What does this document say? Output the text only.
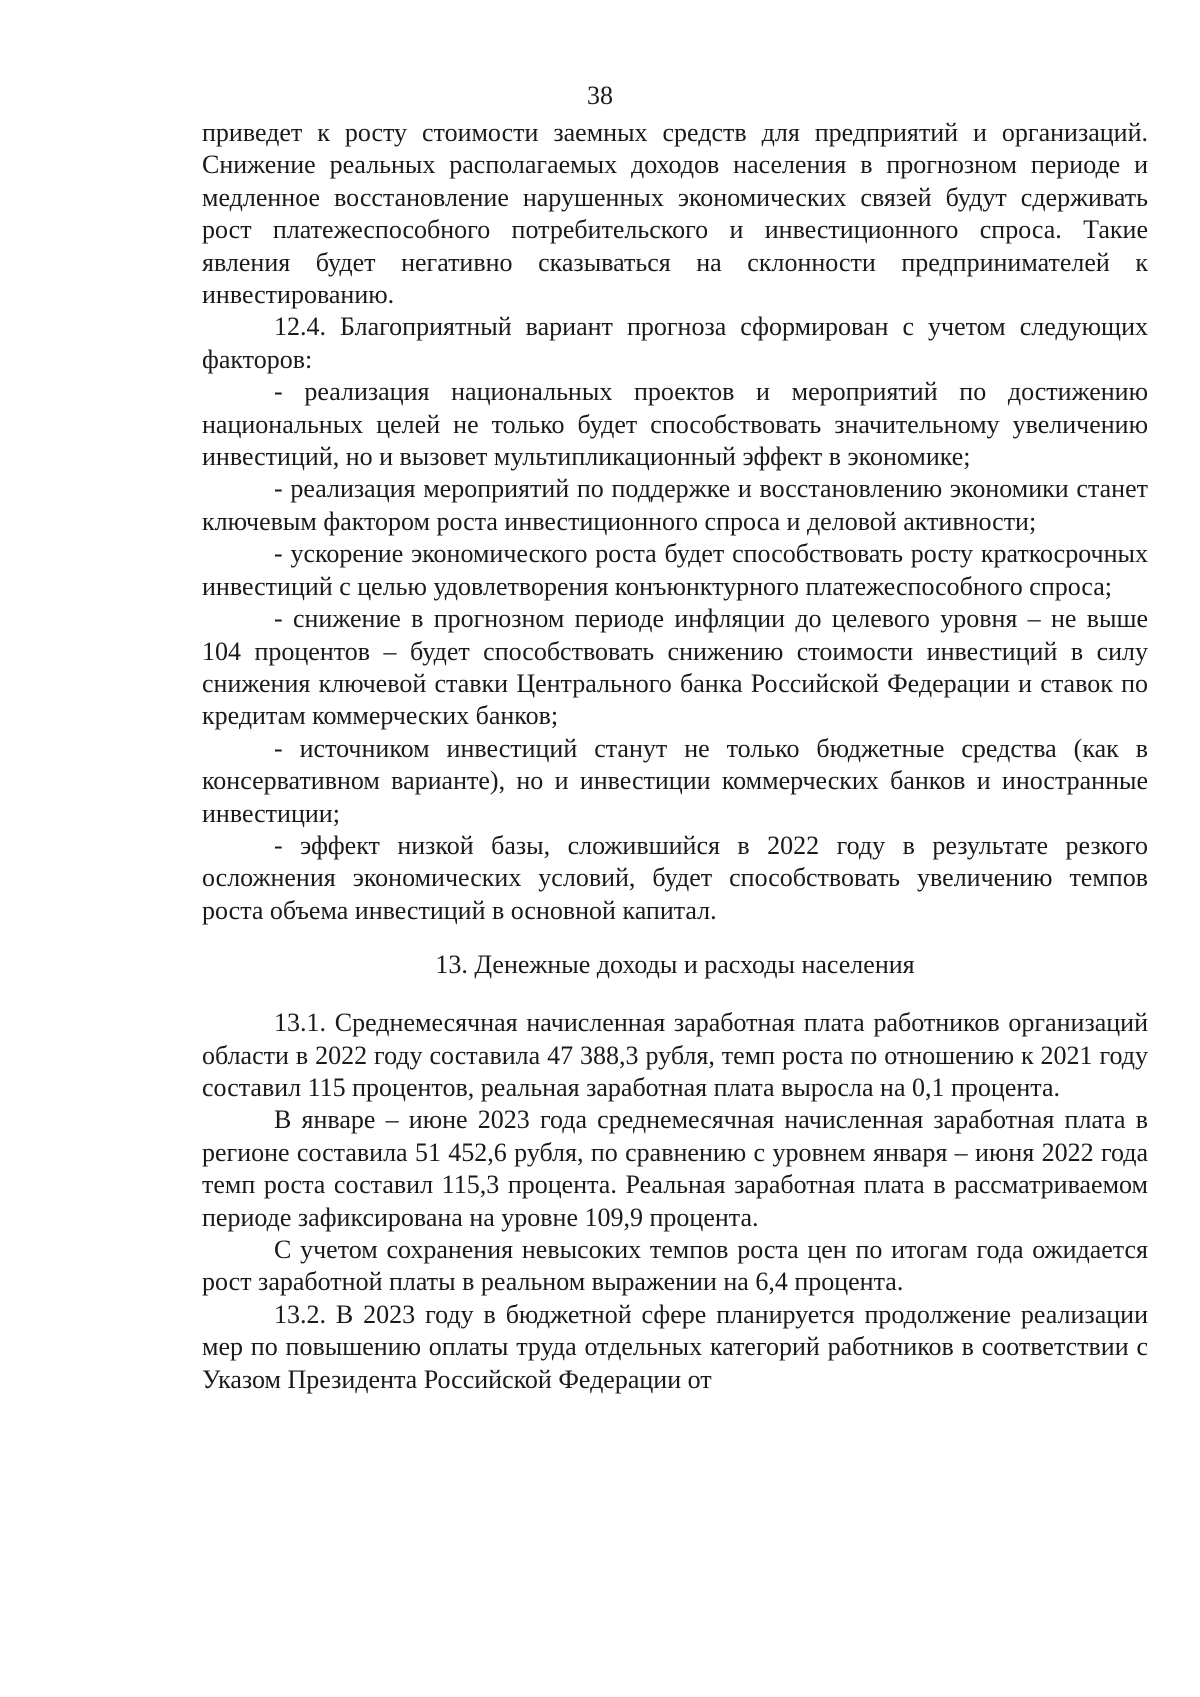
38

приведет к росту стоимости заемных средств для предприятий и организаций. Снижение реальных располагаемых доходов населения в прогнозном периоде и медленное восстановление нарушенных экономических связей будут сдерживать рост платежеспособного потребительского и инвестиционного спроса. Такие явления будет негативно сказываться на склонности предпринимателей к инвестированию.

12.4. Благоприятный вариант прогноза сформирован с учетом следующих факторов:

- реализация национальных проектов и мероприятий по достижению национальных целей не только будет способствовать значительному увеличению инвестиций, но и вызовет мультипликационный эффект в экономике;

- реализация мероприятий по поддержке и восстановлению экономики станет ключевым фактором роста инвестиционного спроса и деловой активности;

- ускорение экономического роста будет способствовать росту краткосрочных инвестиций с целью удовлетворения конъюнктурного платежеспособного спроса;

- снижение в прогнозном периоде инфляции до целевого уровня – не выше 104 процентов – будет способствовать снижению стоимости инвестиций в силу снижения ключевой ставки Центрального банка Российской Федерации и ставок по кредитам коммерческих банков;

- источником инвестиций станут не только бюджетные средства (как в консервативном варианте), но и инвестиции коммерческих банков и иностранные инвестиции;

- эффект низкой базы, сложившийся в 2022 году в результате резкого осложнения экономических условий, будет способствовать увеличению темпов роста объема инвестиций в основной капитал.

13. Денежные доходы и расходы населения

13.1. Среднемесячная начисленная заработная плата работников организаций области в 2022 году составила 47 388,3 рубля, темп роста по отношению к 2021 году составил 115 процентов, реальная заработная плата выросла на 0,1 процента.

В январе – июне 2023 года среднемесячная начисленная заработная плата в регионе составила 51 452,6 рубля, по сравнению с уровнем января – июня 2022 года темп роста составил 115,3 процента. Реальная заработная плата в рассматриваемом периоде зафиксирована на уровне 109,9 процента.

С учетом сохранения невысоких темпов роста цен по итогам года ожидается рост заработной платы в реальном выражении на 6,4 процента.

13.2. В 2023 году в бюджетной сфере планируется продолжение реализации мер по повышению оплаты труда отдельных категорий работников в соответствии с Указом Президента Российской Федерации от
